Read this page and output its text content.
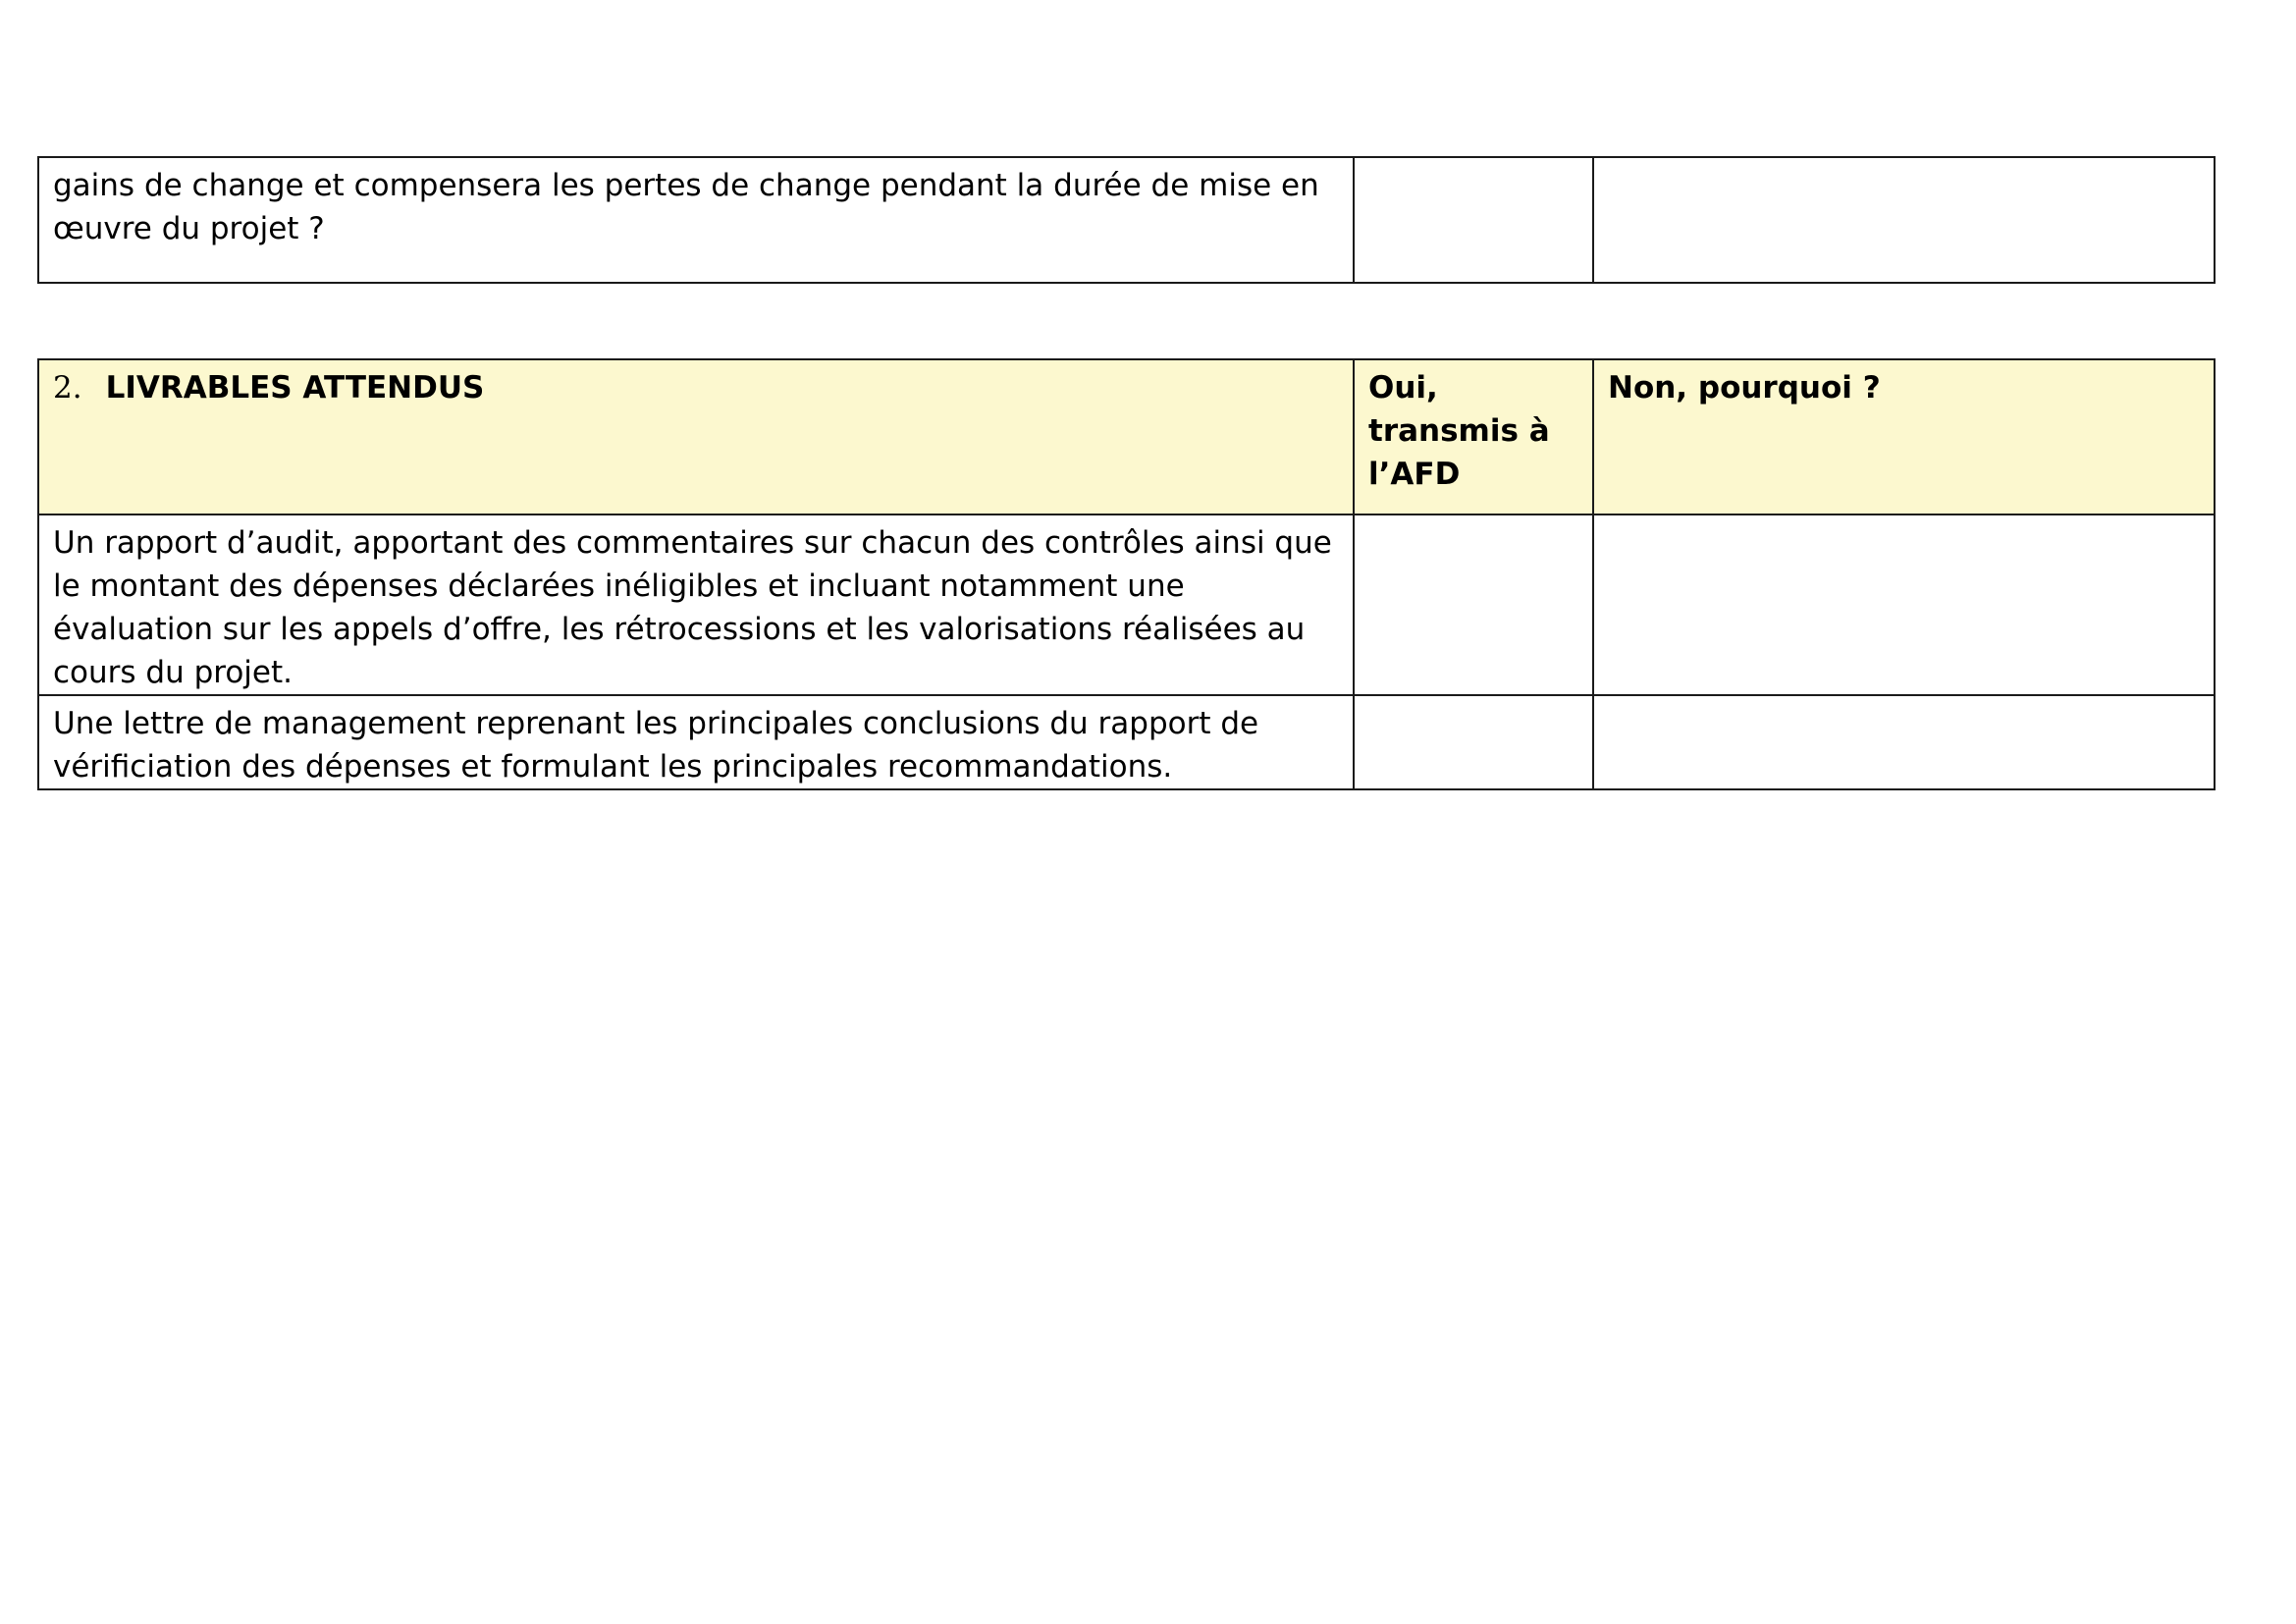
gains de change et compensera les pertes de change pendant la durée de mise en œuvre du projet ?		
2. LIVRABLES ATTENDUS	Oui, transmis à l’AFD	Non, pourquoi ?
Un rapport d’audit, apportant des commentaires sur chacun des contrôles ainsi que le montant des dépenses déclarées inéligibles et incluant notamment une évaluation sur les appels d’offre, les rétrocessions et les valorisations réalisées au cours du projet.		
Une lettre de management reprenant les principales conclusions du rapport de vérificiation des dépenses et formulant les principales recommandations.		
